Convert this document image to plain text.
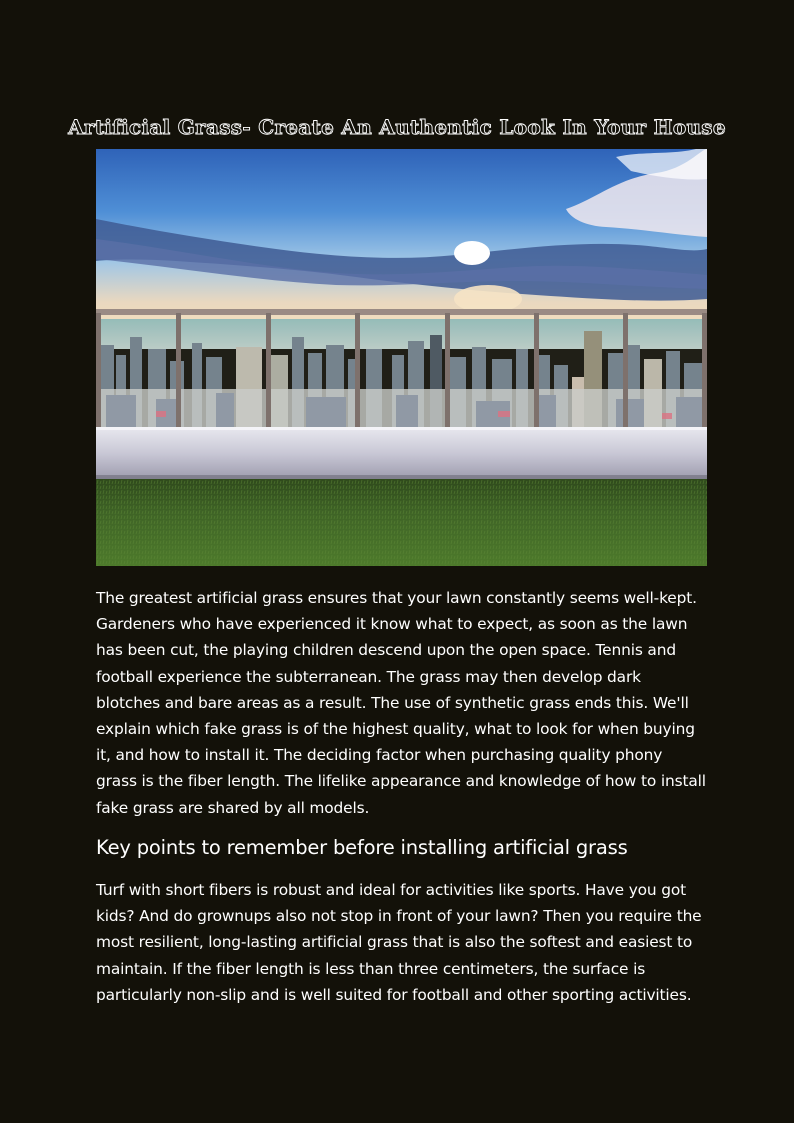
Artificial Grass- Create An Authentic Look In Your House

The greatest artificial grass ensures that your lawn constantly seems well-kept. Gardeners who have experienced it know what to expect, as soon as the lawn has been cut, the playing children descend upon the open space. Tennis and football experience the subterranean. The grass may then develop dark blotches and bare areas as a result. The use of synthetic grass ends this. We'll explain which fake grass is of the highest quality, what to look for when buying it, and how to install it. The deciding factor when purchasing quality phony grass is the fiber length. The lifelike appearance and knowledge of how to install fake grass are shared by all models.

Key points to remember before installing artificial grass

Turf with short fibers is robust and ideal for activities like sports. Have you got kids? And do grownups also not stop in front of your lawn? Then you require the most resilient, long-lasting artificial grass that is also the softest and easiest to maintain. If the fiber length is less than three centimeters, the surface is particularly non-slip and is well suited for football and other sporting activities.
